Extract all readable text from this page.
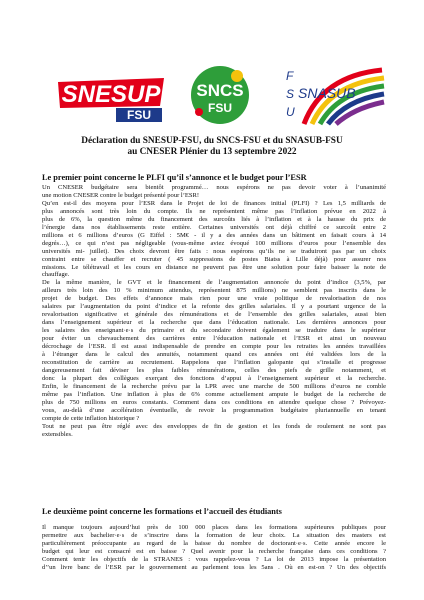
SNESUP
FSU
SNCS
FSU
F
S
U
SNASUB
Déclaration du SNESUP-FSU, du SNCS-FSU et du SNASUB-FSU
au CNESER Plénier du 13 septembre 2022
Le premier point concerne le PLFI qu’il s’annonce et le budget pour l’ESR

Un CNESER budgétaire sera bientôt programmé… nous espérons ne pas devoir voter à l’unanimité

une motion CNESER contre le budget présenté pour l’ESR!

Qu’en est-il des moyens pour l’ESR dans le Projet de loi de finances initial (PLFI) ? Les 1,5 milliards de

plus annoncés sont très loin du compte. Ils ne représentent même pas l’inflation prévue en 2022 à

plus de 6%, la question même du financement des surcoûts liés à l’inflation et à la hausse du prix de

l’énergie dans nos établissements reste entière. Certaines universités ont déjà chiffré ce surcoût entre 2

millions et 6 millions d’euros (G Eiffel : 5M€ - il y a des années dans un bâtiment en faisait cours à 14

degrés…), ce qui n’est pas négligeable (vous-même aviez évoqué 100 millions d’euros pour l’ensemble des

universités mi- juillet). Des choix devront être faits : nous espérons qu’ils ne se traduiront pas par un choix

contraint entre se chauffer et recruter ( 45 suppressions de postes Biatss à Lille déjà) pour assurer nos

missions. Le télétravail et les cours en distance ne peuvent pas être une solution pour faire baisser la note de

chauffage.

De la même manière, le GVT et le financement de l’augmentation annoncée du point d’indice (3,5%, par

ailleurs très loin des 10 % minimum attendus, représentent 875 millions) ne semblent pas inscrits dans le

projet de budget. Des effets d’annonce mais rien pour une vraie politique de revalorisation de nos

salaires par l’augmentation du point d’indice et la refonte des grilles salariales. Il y a pourtant urgence de la

revalorisation significative et générale des rémunérations et de l’ensemble des grilles salariales, aussi bien

dans l’enseignement supérieur et la recherche que dans l’éducation nationale. Les dernières annonces pour

les salaires des enseignant·e·s du primaire et du secondaire doivent également se traduire dans le supérieur

pour éviter un chevauchement des carrières entre l’éducation nationale et l’ESR et ainsi un nouveau

décrochage de l’ESR. Il est aussi indispensable de prendre en compte pour les retraites les années travaillées

à l’étranger dans le calcul des annuités, notamment quand ces années ont été validées lors de la

reconstitution de carrière au recrutement. Rappelons que l’inflation galopante qui s’installe et progresse

dangereusement fait déviser les plus faibles rémunérations, celles des piefs de grille notamment, et

donc la plupart des collègues exerçant des fonctions d’appui à l’enseignement supérieur et la recherche.

Enfin, le financement de la recherche prévu par la LPR avec une marche de 500 millions d’euros ne comble

même pas l’inflation. Une inflation à plus de 6% comme actuellement ampute le budget de la recherche de

plus de 750 millions en euros constants. Comment dans ces conditions en attendre quelque chose ? Prévoyez-

vous, au-delà d’une accélération éventuelle, de revoir la programmation budgétaire pluriannuelle en tenant

compte de cette inflation historique ?

Tout ne peut pas être réglé avec des enveloppes de fin de gestion et les fonds de roulement ne sont pas

extensibles.

Le deuxième point concerne les formations et l’accueil des étudiants

Il manque toujours aujourd’hui près de 100 000 places dans les formations supérieures publiques pour

permettre aux bachelier·e·s de s’inscrire dans la formation de leur choix. La situation des masters est

particulièrement préoccupante au regard de la baisse du nombre de doctorant·e·s. Cette année encore le

budget qui leur est consacré est en baisse ? Quel avenir pour la recherche française dans ces conditions ?

Comment tenir les objectifs de la STRANES : vous rappelez-vous ? La loi de 2013 impose la présentation

d’’un livre banc de l’ESR par le gouvernement au parlement tous les 5ans . Où en est-on ? Un des objectifs
